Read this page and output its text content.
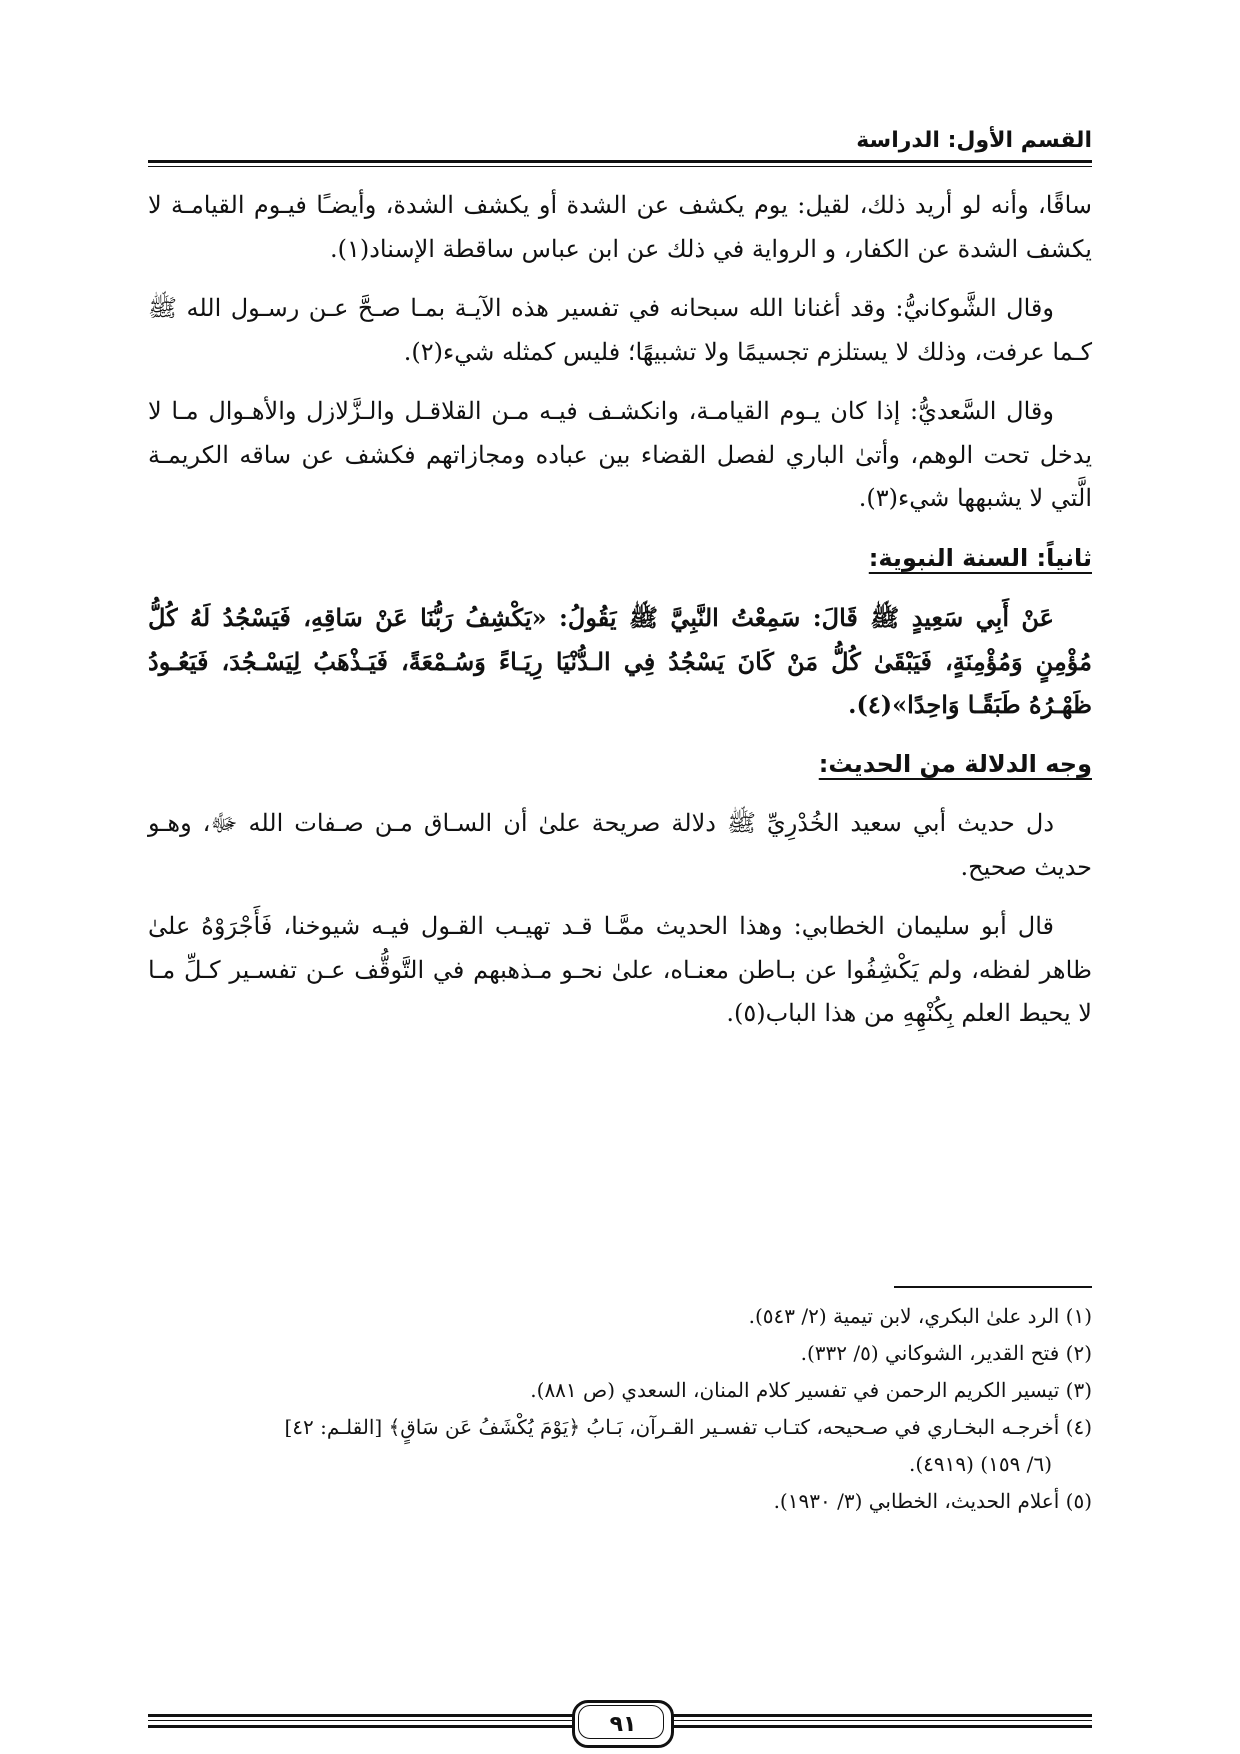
القسم الأول: الدراسة

ساقًا، وأنه لو أريد ذلك، لقيل: يوم يكشف عن الشدة أو يكشف الشدة، وأيضـًا فيـوم القيامـة لا يكشف الشدة عن الكفار، و الرواية في ذلك عن ابن عباس ساقطة الإسناد(١).

وقال الشَّوكانيُّ: وقد أغنانا الله سبحانه في تفسير هذه الآيـة بمـا صـحَّ عـن رسـول الله ﷺ كـما عرفت، وذلك لا يستلزم تجسيمًا ولا تشبيهًا؛ فليس كمثله شيء(٢).

وقال السَّعديُّ: إذا كان يـوم القيامـة، وانكشـف فيـه مـن القلاقـل والـزَّلازل والأهـوال مـا لا يدخل تحت الوهم، وأتىٰ الباري لفصل القضاء بين عباده ومجازاتهم فكشف عن ساقه الكريمـة الَّتي لا يشبهها شيء(٣).

ثانياً: السنة النبوية:

عَنْ أَبِي سَعِيدٍ ﷺ قَالَ: سَمِعْتُ النَّبِيَّ ﷺ يَقُولُ: «يَكْشِفُ رَبُّنَا عَنْ سَاقِهِ، فَيَسْجُدُ لَهُ كُلُّ مُؤْمِنٍ وَمُؤْمِنَةٍ، فَيَبْقَىٰ كُلُّ مَنْ كَانَ يَسْجُدُ فِي الـدُّنْيَا رِيَـاءً وَسُـمْعَةً، فَيَـذْهَبُ لِيَسْـجُدَ، فَيَعُـودُ ظَهْـرُهُ طَبَقًـا وَاحِدًا»(٤).

وجه الدلالة من الحديث:

دل حديث أبي سعيد الخُدْرِيِّ ﷺ دلالة صريحة علىٰ أن السـاق مـن صـفات الله ﷻ، وهـو حديث صحيح.

قال أبو سليمان الخطابي: وهذا الحديث ممَّـا قـد تهيـب القـول فيـه شيوخنا، فَأَجْرَوْهُ علىٰ ظاهر لفظه، ولم يَكْشِفُوا عن بـاطن معنـاه، علىٰ نحـو مـذهبهم في التَّوقُّف عـن تفسـير كـلِّ مـا لا يحيط العلم بِكُنْهِهِ من هذا الباب(٥).

(١) الرد علىٰ البكري، لابن تيمية (٢/ ٥٤٣).
(٢) فتح القدير، الشوكاني (٥/ ٣٣٢).
(٣) تيسير الكريم الرحمن في تفسير كلام المنان، السعدي (ص ٨٨١).
(٤) أخرجـه البخـاري في صـحيحه، كتـاب تفسـير القـرآن، بَـابُ ﴿يَوْمَ يُكْشَفُ عَن سَاقٍ﴾ [القلـم: ٤٢]
(٦/ ١٥٩) (٤٩١٩).
(٥) أعلام الحديث، الخطابي (٣/ ١٩٣٠).
٩١
